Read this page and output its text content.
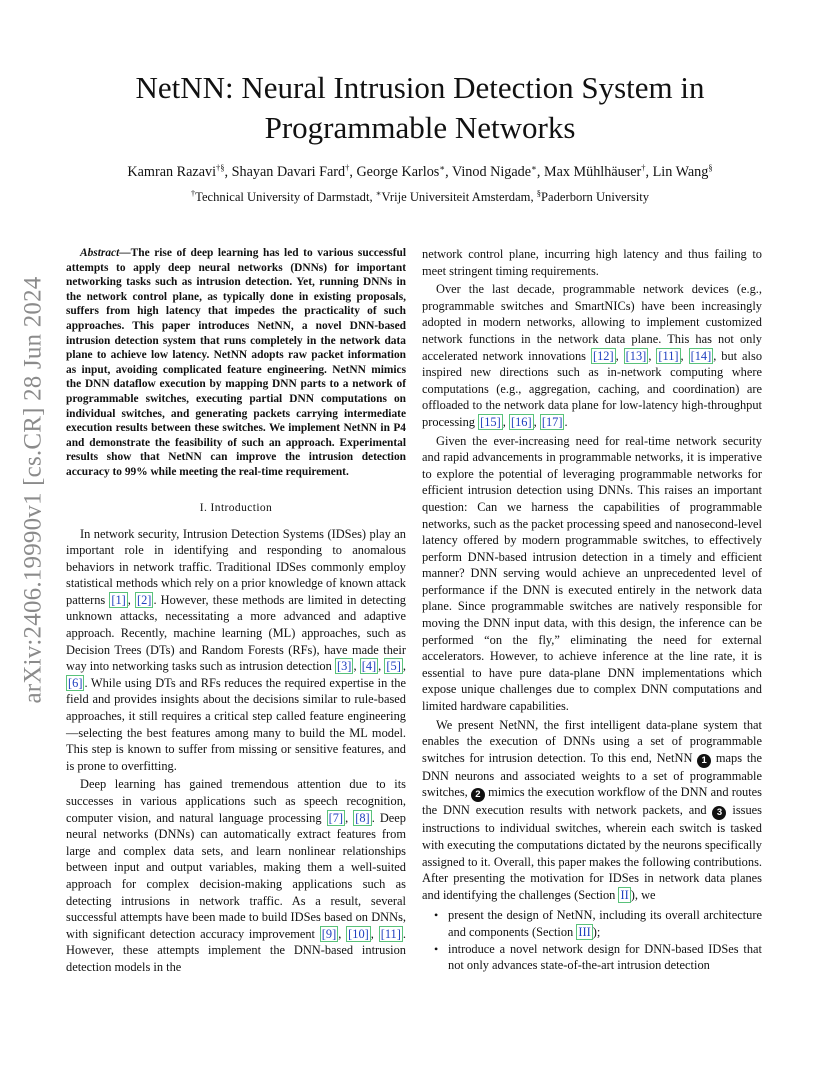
arXiv:2406.19990v1 [cs.CR] 28 Jun 2024
NetNN: Neural Intrusion Detection System in
Programmable Networks
Kamran Razavi†§, Shayan Davari Fard†, George Karlos∗, Vinod Nigade∗, Max Mühlhäuser†, Lin Wang§
†Technical University of Darmstadt, ∗Vrije Universiteit Amsterdam, §Paderborn University

Abstract—The rise of deep learning has led to various successful attempts to apply deep neural networks (DNNs) for important networking tasks such as intrusion detection. Yet, running DNNs in the network control plane, as typically done in existing proposals, suffers from high latency that impedes the practicality of such approaches. This paper introduces NetNN, a novel DNN-based intrusion detection system that runs completely in the network data plane to achieve low latency. NetNN adopts raw packet information as input, avoiding complicated feature engineering. NetNN mimics the DNN dataflow execution by mapping DNN parts to a network of programmable switches, executing partial DNN computations on individual switches, and generating packets carrying intermediate execution results between these switches. We implement NetNN in P4 and demonstrate the feasibility of such an approach. Experimental results show that NetNN can improve the intrusion detection accuracy to 99% while meeting the real-time requirement.

I. Introduction

In network security, Intrusion Detection Systems (IDSes) play an important role in identifying and responding to anomalous behaviors in network traffic. Traditional IDSes commonly employ statistical methods which rely on a prior knowledge of known attack patterns [1] , [2] . However, these methods are limited in detecting unknown attacks, necessitating a more advanced and adaptive approach. Recently, machine learning (ML) approaches, such as Decision Trees (DTs) and Random Forests (RFs), have made their way into networking tasks such as intrusion detection [3] , [4] , [5] , [6] . While using DTs and RFs reduces the required expertise in the field and provides insights about the decisions similar to rule-based approaches, it still requires a critical step called feature engineering—selecting the best features among many to build the ML model. This step is known to suffer from missing or sensitive features, and is prone to overfitting.

Deep learning has gained tremendous attention due to its successes in various applications such as speech recognition, computer vision, and natural language processing [7] , [8] . Deep neural networks (DNNs) can automatically extract features from large and complex data sets, and learn nonlinear relationships between input and output variables, making them a well-suited approach for complex decision-making applications such as detecting intrusions in network traffic. As a result, several successful attempts have been made to build IDSes based on DNNs, with significant detection accuracy improvement [9] , [10] , [11] . However, these attempts implement the DNN-based intrusion detection models in the

network control plane, incurring high latency and thus failing to meet stringent timing requirements.

Over the last decade, programmable network devices (e.g., programmable switches and SmartNICs) have been increasingly adopted in modern networks, allowing to implement customized network functions in the network data plane. This has not only accelerated network innovations [12] , [13] , [11] , [14] , but also inspired new directions such as in-network computing where computations (e.g., aggregation, caching, and coordination) are offloaded to the network data plane for low-latency high-throughput processing [15] , [16] , [17] .

Given the ever-increasing need for real-time network security and rapid advancements in programmable networks, it is imperative to explore the potential of leveraging programmable networks for efficient intrusion detection using DNNs. This raises an important question: Can we harness the capabilities of programmable networks, such as the packet processing speed and nanosecond-level latency offered by modern programmable switches, to effectively perform DNN-based intrusion detection in a timely and efficient manner? DNN serving would achieve an unprecedented level of performance if the DNN is executed entirely in the network data plane. Since programmable switches are natively responsible for moving the DNN input data, with this design, the inference can be performed “on the fly,” eliminating the need for external accelerators. However, to achieve inference at the line rate, it is essential to have pure data-plane DNN implementations which expose unique challenges due to complex DNN computations and limited hardware capabilities.

We present NetNN, the first intelligent data-plane system that enables the execution of DNNs using a set of programmable switches for intrusion detection. To this end, NetNN 1 maps the DNN neurons and associated weights to a set of programmable switches, 2 mimics the execution workflow of the DNN and routes the DNN execution results with network packets, and 3 issues instructions to individual switches, wherein each switch is tasked with executing the computations dictated by the neurons specifically assigned to it. Overall, this paper makes the following contributions. After presenting the motivation for IDSes in network data planes and identifying the challenges (Section II ), we

• present the design of NetNN, including its overall architecture and components (Section III );
• introduce a novel network design for DNN-based IDSes that not only advances state-of-the-art intrusion detection
